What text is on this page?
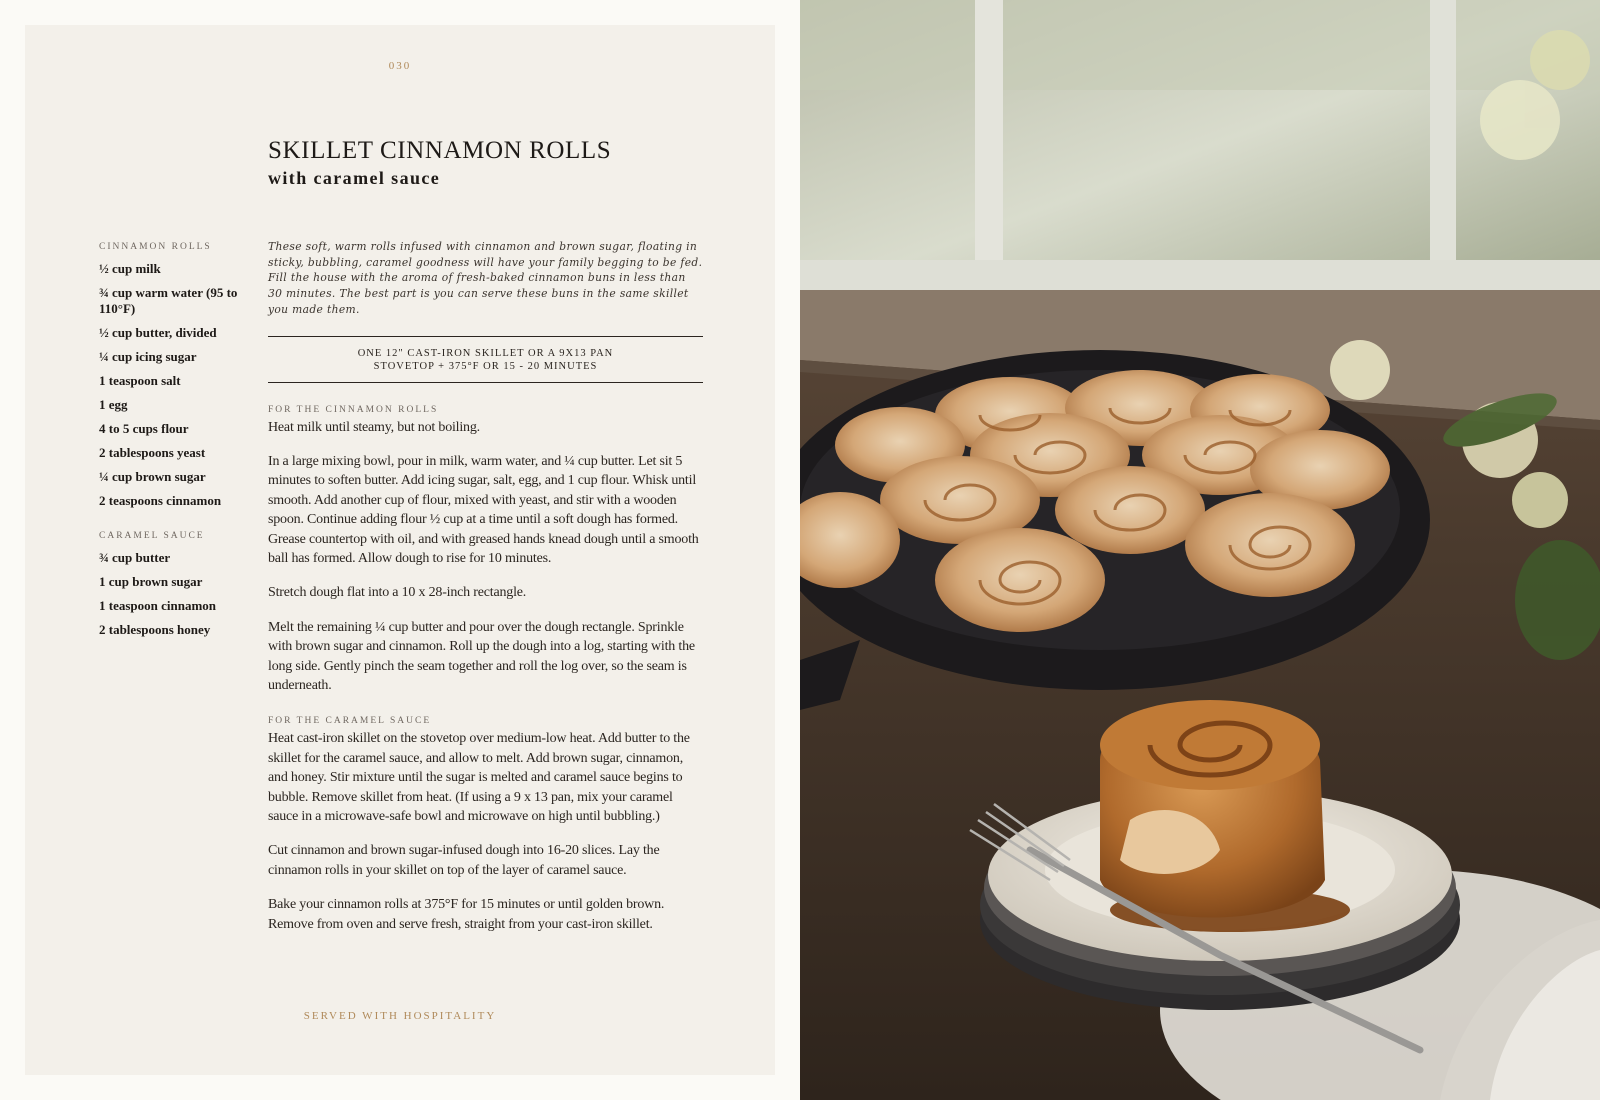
030
SKILLET CINNAMON ROLLS
with caramel sauce
CINNAMON ROLLS
½ cup milk
¾ cup warm water (95 to 110°F)
½ cup butter, divided
¼ cup icing sugar
1 teaspoon salt
1 egg
4 to 5 cups flour
2 tablespoons yeast
¼ cup brown sugar
2 teaspoons cinnamon
CARAMEL SAUCE
¾ cup butter
1 cup brown sugar
1 teaspoon cinnamon
2 tablespoons honey

These soft, warm rolls infused with cinnamon and brown sugar, floating in sticky, bubbling, caramel goodness will have your family begging to be fed. Fill the house with the aroma of fresh-baked cinnamon buns in less than 30 minutes. The best part is you can serve these buns in the same skillet you made them.

ONE 12" CAST-IRON SKILLET OR A 9X13 PAN
STOVETOP + 375°F OR 15 - 20 MINUTES
FOR THE CINNAMON ROLLS

Heat milk until steamy, but not boiling.

In a large mixing bowl, pour in milk, warm water, and ¼ cup butter. Let sit 5 minutes to soften butter. Add icing sugar, salt, egg, and 1 cup flour. Whisk until smooth. Add another cup of flour, mixed with yeast, and stir with a wooden spoon. Continue adding flour ½ cup at a time until a soft dough has formed. Grease countertop with oil, and with greased hands knead dough until a smooth ball has formed. Allow dough to rise for 10 minutes.

Stretch dough flat into a 10 x 28-inch rectangle.

Melt the remaining ¼ cup butter and pour over the dough rectangle. Sprinkle with brown sugar and cinnamon. Roll up the dough into a log, starting with the long side. Gently pinch the seam together and roll the log over, so the seam is underneath.

FOR THE CARAMEL SAUCE

Heat cast-iron skillet on the stovetop over medium-low heat. Add butter to the skillet for the caramel sauce, and allow to melt. Add brown sugar, cinnamon, and honey. Stir mixture until the sugar is melted and caramel sauce begins to bubble. Remove skillet from heat. (If using a 9 x 13 pan, mix your caramel sauce in a microwave-safe bowl and microwave on high until bubbling.)

Cut cinnamon and brown sugar-infused dough into 16-20 slices. Lay the cinnamon rolls in your skillet on top of the layer of caramel sauce.

Bake your cinnamon rolls at 375°F for 15 minutes or until golden brown. Remove from oven and serve fresh, straight from your cast-iron skillet.

SERVED WITH HOSPITALITY
